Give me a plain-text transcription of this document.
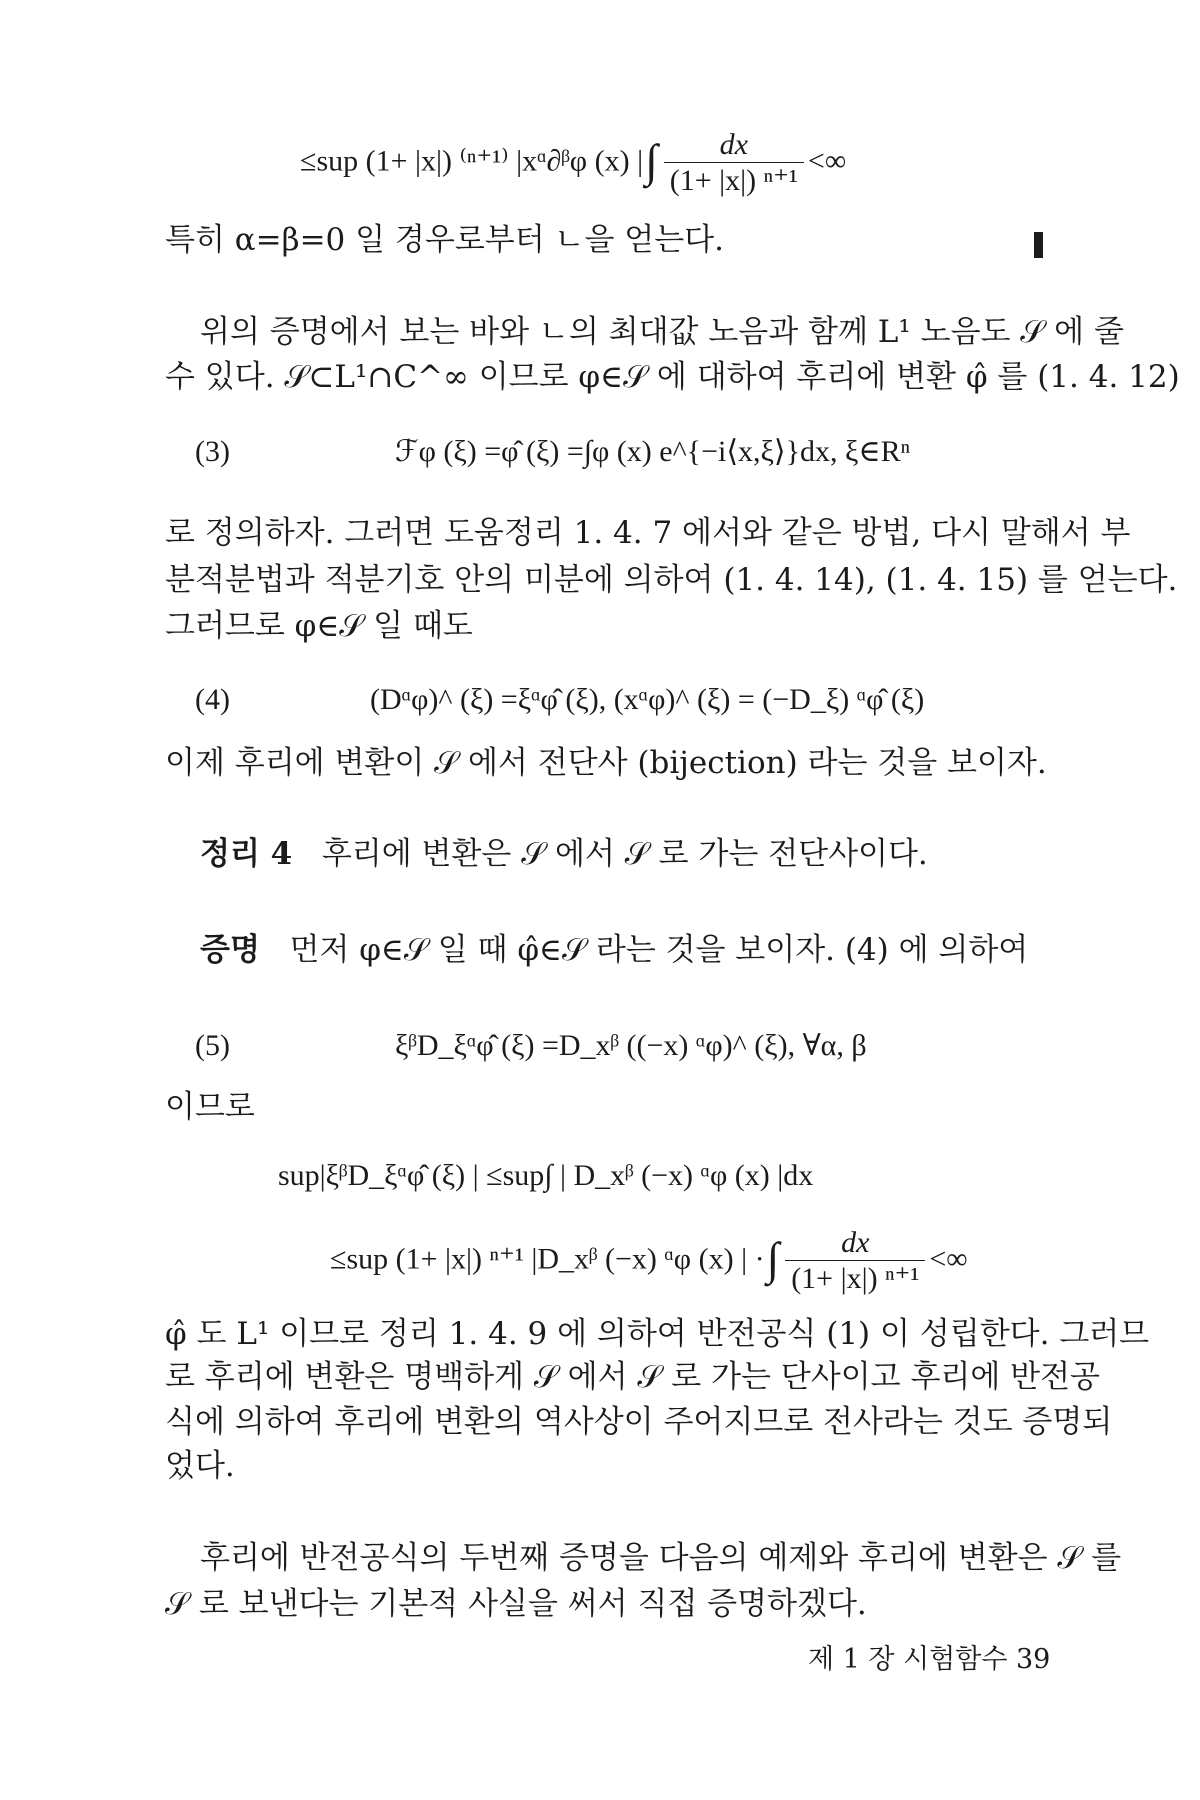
≤sup (1+ |x|) ⁽ⁿ⁺¹⁾ |xᵅ∂ᵝφ (x) |∫ $\frac{dx}{\text{(1+ |x|) ⁿ⁺¹}}$ <∞
특히 α=β=0 일 경우로부터 ㄴ을 얻는다.
위의 증명에서 보는 바와 ㄴ의 최대값 노음과 함께 L¹ 노음도 𝒮 에 줄
수 있다. 𝒮⊂L¹∩C^∞ 이므로 φ∈𝒮 에 대하여 후리에 변환 φ̂ 를 (1. 4. 12)
(3)	ℱφ (ξ) =φ̂ (ξ) =∫φ (x) e^{−i⟨x,ξ⟩}dx, ξ∈Rⁿ
로 정의하자. 그러면 도움정리 1. 4. 7 에서와 같은 방법, 다시 말해서 부
분적분법과 적분기호 안의 미분에 의하여 (1. 4. 14), (1. 4. 15) 를 얻는다.
그러므로 φ∈𝒮 일 때도
(4)	(Dᵅφ)^ (ξ) =ξᵅφ̂ (ξ), (xᵅφ)^ (ξ) = (−D_ξ) ᵅφ̂ (ξ)
이제 후리에 변환이 𝒮 에서 전단사 (bijection) 라는 것을 보이자.
정리 4 후리에 변환은 𝒮 에서 𝒮 로 가는 전단사이다.
증명 먼저 φ∈𝒮 일 때 φ̂∈𝒮 라는 것을 보이자. (4) 에 의하여
(5)	ξᵝD_ξᵅφ̂ (ξ) =D_xᵝ ((−x) ᵅφ)^ (ξ), ∀α, β
이므로
sup|ξᵝD_ξᵅφ̂ (ξ) | ≤sup∫ | D_xᵝ (−x) ᵅφ (x) |dx
≤sup (1+ |x|) ⁿ⁺¹ |D_xᵝ (−x) ᵅφ (x) | ·∫ $\frac{dx}{\text{(1+ |x|) ⁿ⁺¹}}$ <∞
φ̂ 도 L¹ 이므로 정리 1. 4. 9 에 의하여 반전공식 (1) 이 성립한다. 그러므
로 후리에 변환은 명백하게 𝒮 에서 𝒮 로 가는 단사이고 후리에 반전공
식에 의하여 후리에 변환의 역사상이 주어지므로 전사라는 것도 증명되
었다.
후리에 반전공식의 두번째 증명을 다음의 예제와 후리에 변환은 𝒮 를
𝒮 로 보낸다는 기본적 사실을 써서 직접 증명하겠다.
제 1 장 시험함수 39
